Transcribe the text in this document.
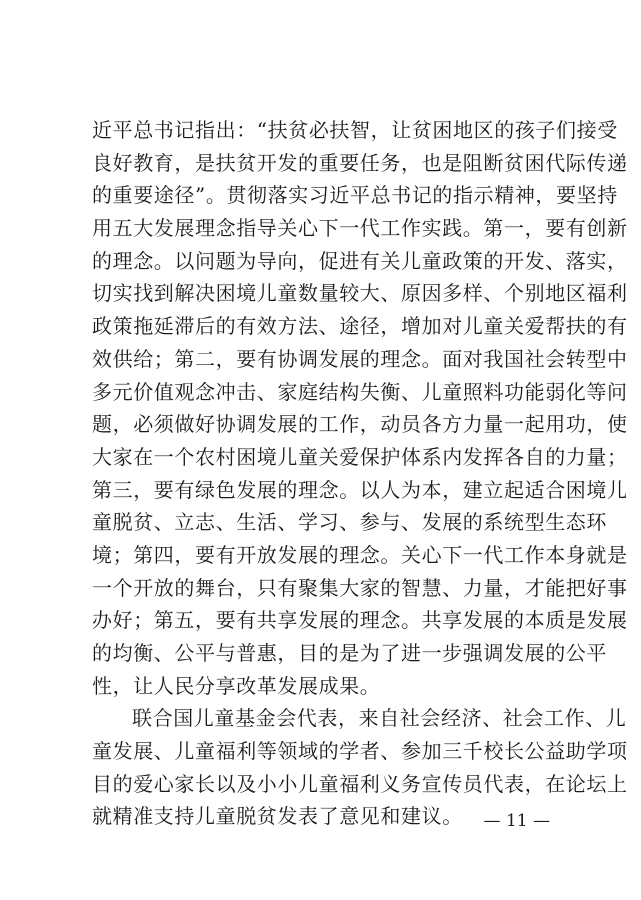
近平总书记指出：“扶贫必扶智，让贫困地区的孩子们接受
良好教育，是扶贫开发的重要任务，也是阻断贫困代际传递
的重要途径”。贯彻落实习近平总书记的指示精神，要坚持
用五大发展理念指导关心下一代工作实践。第一，要有创新
的理念。以问题为导向，促进有关儿童政策的开发、落实，
切实找到解决困境儿童数量较大、原因多样、个别地区福利
政策拖延滞后的有效方法、途径，增加对儿童关爱帮扶的有
效供给；第二，要有协调发展的理念。面对我国社会转型中
多元价值观念冲击、家庭结构失衡、儿童照料功能弱化等问
题，必须做好协调发展的工作，动员各方力量一起用功，使
大家在一个农村困境儿童关爱保护体系内发挥各自的力量；
第三，要有绿色发展的理念。以人为本，建立起适合困境儿
童脱贫、立志、生活、学习、参与、发展的系统型生态环
境；第四，要有开放发展的理念。关心下一代工作本身就是
一个开放的舞台，只有聚集大家的智慧、力量，才能把好事
办好；第五，要有共享发展的理念。共享发展的本质是发展
的均衡、公平与普惠，目的是为了进一步强调发展的公平
性，让人民分享改革发展成果。
联合国儿童基金会代表，来自社会经济、社会工作、儿
童发展、儿童福利等领域的学者、参加三千校长公益助学项
目的爱心家长以及小小儿童福利义务宣传员代表，在论坛上
就精准支持儿童脱贫发表了意见和建议。	— 11 —
